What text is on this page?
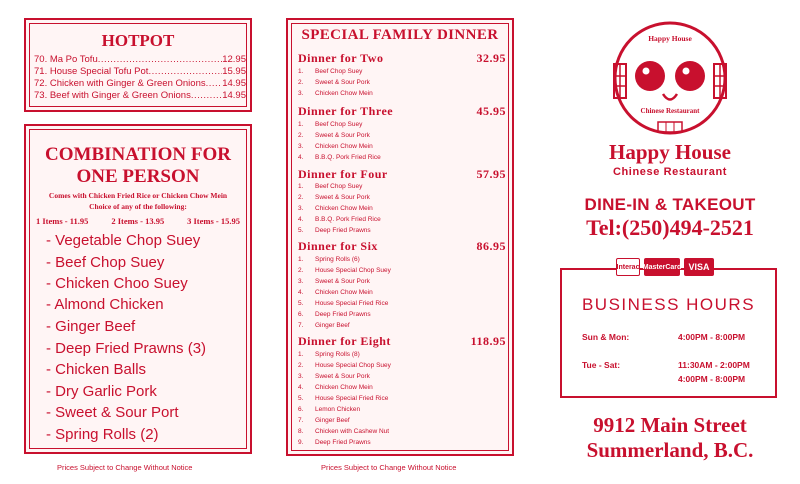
HOTPOT
70. Ma Po Tofu .....	12.95
71. House Special Tofu Pot .....	15.95
72. Chicken with Ginger & Green Onions ..... 14.95
73. Beef with Ginger & Green Onions .....	14.95
COMBINATION FOR
ONE PERSON
Comes with Chicken Fried Rice or Chicken Chow Mein
Choice of any of the following:
1 Items - 11.95	2 Items - 13.95	3 Items - 15.95
- Vegetable Chop Suey
- Beef Chop Suey
- Chicken Choo Suey
- Almond Chicken
- Ginger Beef
- Deep Fried Prawns (3)
- Chicken Balls
- Dry Garlic Pork
- Sweet & Sour Port
- Spring Rolls (2)
Prices Subject to Change Without Notice
SPECIAL FAMILY DINNER
Dinner for Two	32.95
1. Beef Chop Suey
2. Sweet & Sour Pork
3. Chicken Chow Mein
Dinner for Three	45.95
1. Beef Chop Suey
2. Sweet & Sour Pork
3. Chicken Chow Mein
4. B.B.Q. Pork Fried Rice
Dinner for Four	57.95
1. Beef Chop Suey
2. Sweet & Sour Pork
3. Chicken Chow Mein
4. B.B.Q. Pork Fried Rice
5. Deep Fried Prawns
Dinner for Six	86.95
1. Spring Rolls (6)
2. House Special Chop Suey
3. Sweet & Sour Pork
4. Chicken Chow Mein
5. House Special Fried Rice
6. Deep Fried Prawns
7. Ginger Beef
Dinner for Eight	118.95
1. Spring Rolls (8)
2. House Special Chop Suey
3. Sweet & Sour Pork
4. Chicken Chow Mein
5. House Special Fried Rice
6. Lemon Chicken
7. Ginger Beef
8. Chicken with Cashew Nut
9. Deep Fried Prawns
Prices Subject to Change Without Notice
Happy House
Chinese Restaurant
Happy House
Chinese Restaurant
DINE-IN & TAKEOUT
Tel:(250)494-2521
BUSINESS HOURS
Sun & Mon:	4:00PM - 8:00PM
Tue - Sat:	11:30AM - 2:00PM
4:00PM - 8:00PM
Interac MasterCard VISA
9912 Main Street
Summerland, B.C.
